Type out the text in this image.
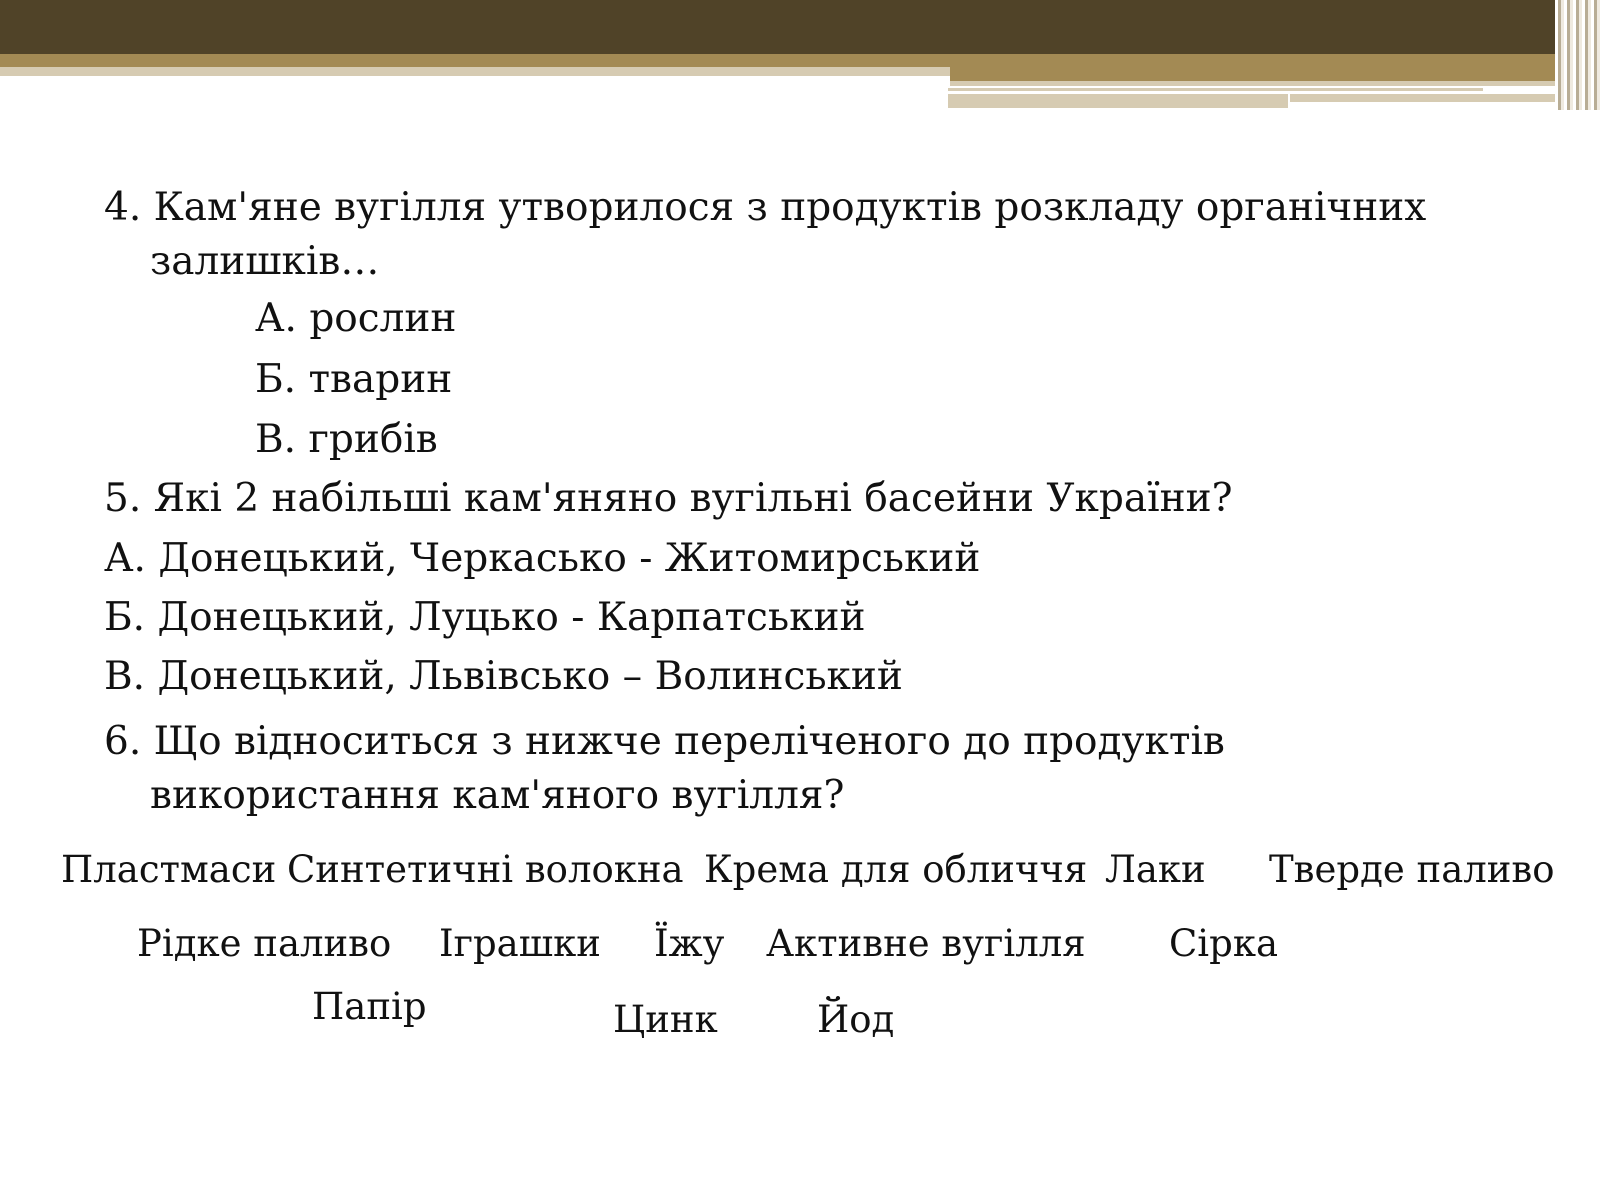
4. Кам'яне вугілля утворилося з продуктів розкладу органічних
залишків…
А. рослин
Б. тварин
В. грибів
5. Які 2 набільші кам'яняно вугільні басейни України?
А. Донецький, Черкасько - Житомирський
Б. Донецький, Луцько - Карпатський
В. Донецький, Львівсько – Волинський
6. Що відноситься з нижче переліченого до продуктів
використання кам'яного вугілля?
Пластмаси Синтетичні волокна Крема для обличчя Лаки Тверде паливо
Рідке паливо Іграшки Їжу Активне вугілля Сірка
Папір	Цинк	Йод
